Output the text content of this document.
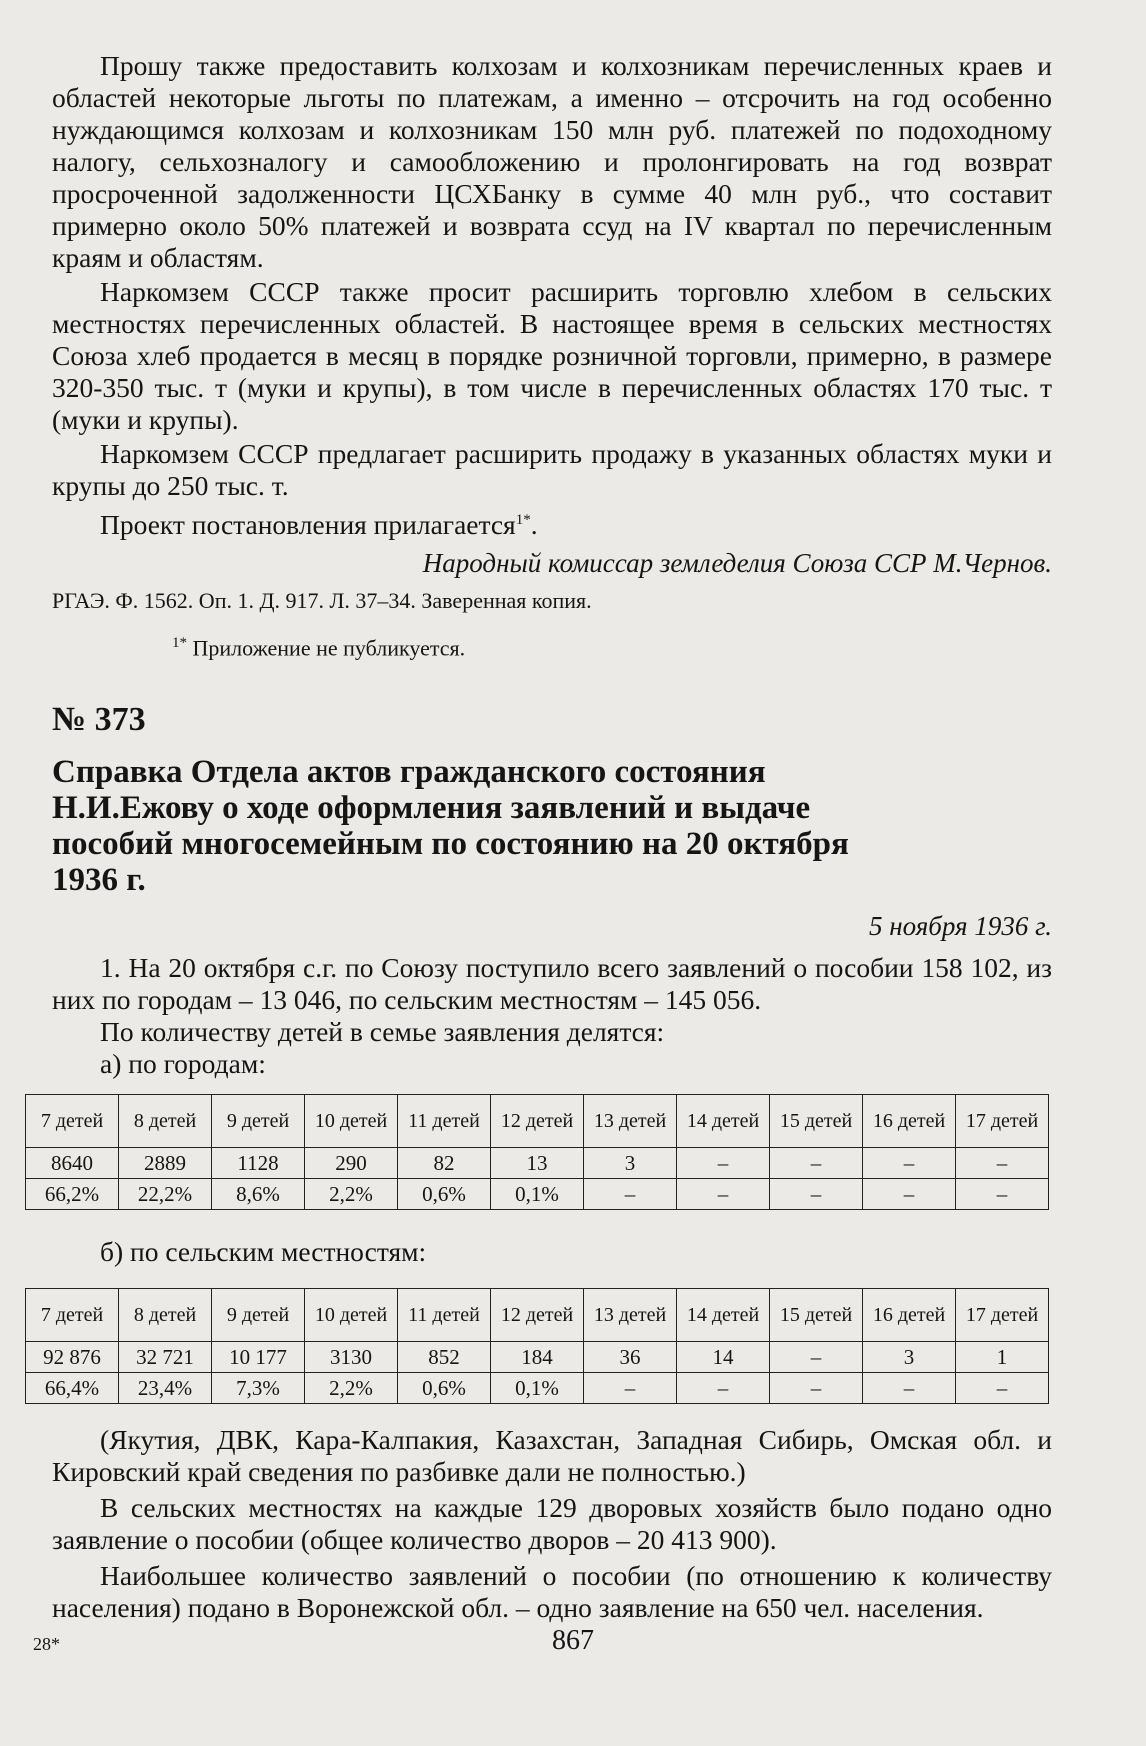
Прошу также предоставить колхозам и колхозникам перечисленных краев и областей некоторые льготы по платежам, а именно – отсрочить на год особенно нуждающимся колхозам и колхозникам 150 млн руб. платежей по подоходному налогу, сельхозналогу и самообложению и пролонгировать на год возврат просроченной задолженности ЦСХБанку в сумме 40 млн руб., что составит примерно около 50% платежей и возврата ссуд на IV квартал по перечисленным краям и областям.

Наркомзем СССР также просит расширить торговлю хлебом в сельских местностях перечисленных областей. В настоящее время в сельских местностях Союза хлеб продается в месяц в порядке розничной торговли, примерно, в размере 320-350 тыс. т (муки и крупы), в том числе в перечисленных областях 170 тыс. т (муки и крупы).

Наркомзем СССР предлагает расширить продажу в указанных областях муки и крупы до 250 тыс. т.

Проект постановления прилагается$^{1*}$.

Народный комиссар земледелия Союза ССР М.Чернов.

РГАЭ. Ф. 1562. Оп. 1. Д. 917. Л. 37–34. Заверенная копия.

$^{1*}$ Приложение не публикуется.

№ 373
Справка Отдела актов гражданского состояния Н.И.Ежову о ходе оформления заявлений и выдаче пособий многосемейным по состоянию на 20 октября 1936 г.

5 ноября 1936 г.

1. На 20 октября с.г. по Союзу поступило всего заявлений о пособии 158 102, из них по городам – 13 046, по сельским местностям – 145 056.

По количеству детей в семье заявления делятся:

а) по городам:

7 детей	8 детей	9 детей	10 детей	11 детей	12 детей	13 детей	14 детей	15 детей	16 детей	17 детей
8640	2889	1128	290	82	13	3	–	–	–	–
66,2%	22,2%	8,6%	2,2%	0,6%	0,1%	–	–	–	–	–

б) по сельским местностям:

7 детей	8 детей	9 детей	10 детей	11 детей	12 детей	13 детей	14 детей	15 детей	16 детей	17 детей
92 876	32 721	10 177	3130	852	184	36	14	–	3	1
66,4%	23,4%	7,3%	2,2%	0,6%	0,1%	–	–	–	–	–

(Якутия, ДВК, Кара-Калпакия, Казахстан, Западная Сибирь, Омская обл. и Кировский край сведения по разбивке дали не полностью.)

В сельских местностях на каждые 129 дворовых хозяйств было подано одно заявление о пособии (общее количество дворов – 20 413 900).

Наибольшее количество заявлений о пособии (по отношению к количеству населения) подано в Воронежской обл. – одно заявление на 650 чел. населения.

28*	867
